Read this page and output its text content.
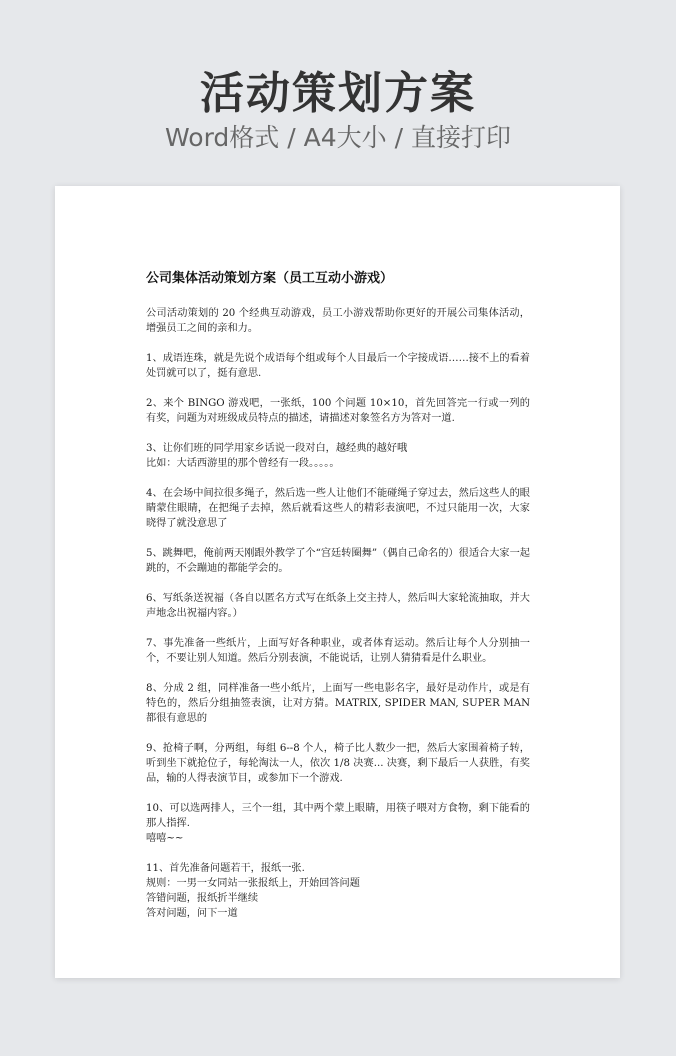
活动策划方案
Word格式 / A4大小 / 直接打印
公司集体活动策划方案（员工互动小游戏）
公司活动策划的 20 个经典互动游戏，员工小游戏帮助你更好的开展公司集体活动，增强员工之间的亲和力。
1、成语连珠，就是先说个成语每个组或每个人目最后一个字接成语……接不上的看着处罚就可以了，挺有意思.
2、来个 BINGO 游戏吧，一张纸，100 个问题 10×10，首先回答完一行或一列的有奖，问题为对班级成员特点的描述，请描述对象签名方为答对一道.
3、让你们班的同学用家乡话说一段对白，越经典的越好哦
比如：大话西游里的那个曾经有一段。。。。。
4、在会场中间拉很多绳子，然后选一些人让他们不能碰绳子穿过去，然后这些人的眼睛蒙住眼睛，在把绳子去掉，然后就看这些人的精彩表演吧，不过只能用一次，大家晓得了就没意思了
5、跳舞吧，俺前两天刚跟外教学了个“宫廷转圈舞”（偶自己命名的）很适合大家一起跳的，不会蹦迪的都能学会的。
6、写纸条送祝福（各自以匿名方式写在纸条上交主持人，然后叫大家轮流抽取，并大声地念出祝福内容。）
7、事先准备一些纸片，上面写好各种职业，或者体育运动。然后让每个人分别抽一个，不要让别人知道。然后分别表演，不能说话，让别人猜猜看是什么职业。
8、分成 2 组，同样准备一些小纸片，上面写一些电影名字，最好是动作片，或是有特色的，然后分组抽签表演，让对方猜。MATRIX, SPIDER MAN, SUPER MAN 都很有意思的
9、抢椅子啊，分两组，每组 6--8 个人，椅子比人数少一把，然后大家围着椅子转，听到坐下就抢位子，每轮淘汰一人，依次 1/8 决赛... 决赛，剩下最后一人获胜，有奖品，输的人得表演节目，或参加下一个游戏.
10、可以选两排人，三个一组，其中两个蒙上眼睛，用筷子喂对方食物，剩下能看的那人指挥.
嘻嘻~~
11、首先准备问题若干，报纸一张.
规则：一男一女同站一张报纸上，开始回答问题
答错问题，报纸折半继续
答对问题，问下一道
